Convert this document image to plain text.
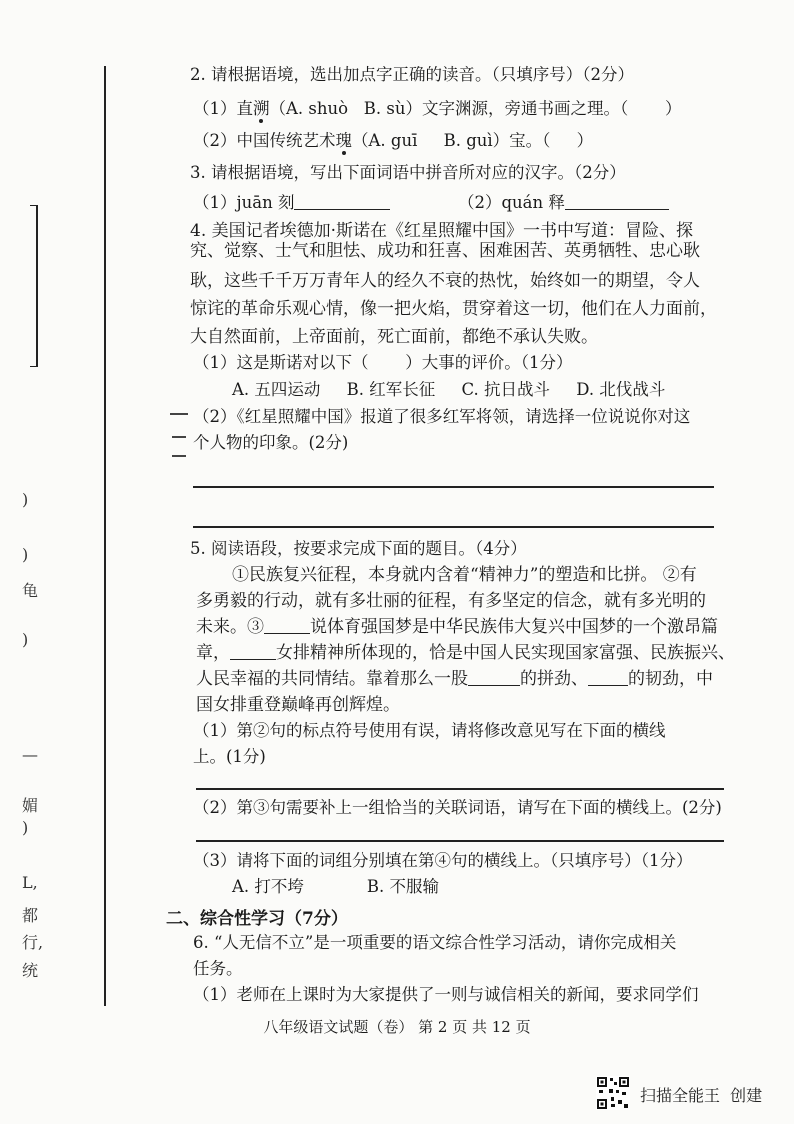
)
)
龟
)
—
媚
)
L,
都
行,
统
2. 请根据语境，选出加点字正确的读音。（只填序号）（2分）
（1）直溯（A. shuò   B. sù）文字渊源，旁通书画之理。（       ）
（2）中国传统艺术瑰（A. guī     B. guì）宝。（     ）
3. 请根据语境，写出下面词语中拼音所对应的汉字。（2分）
（1）juān 刻	（2）quán 释
4. 美国记者埃德加·斯诺在《红星照耀中国》一书中写道：冒险、探
究、觉察、士气和胆怯、成功和狂喜、困难困苦、英勇牺牲、忠心耿
耿，这些千千万万青年人的经久不衰的热忱，始终如一的期望，令人
惊诧的革命乐观心情，像一把火焰，贯穿着这一切，他们在人力面前，
大自然面前，上帝面前，死亡面前，都绝不承认失败。
（1）这是斯诺对以下（       ）大事的评价。（1分）
A. 五四运动     B. 红军长征     C. 抗日战斗     D. 北伐战斗
（2）《红星照耀中国》报道了很多红军将领，请选择一位说说你对这
个人物的印象。(2分)
5. 阅读语段，按要求完成下面的题目。（4分）
①民族复兴征程，本身就内含着“精神力”的塑造和比拼。 ②有
多勇毅的行动，就有多壮丽的征程，有多坚定的信念，就有多光明的
未来。③	说体育强国梦是中华民族伟大复兴中国梦的一个激昂篇
章，	女排精神所体现的，恰是中国人民实现国家富强、民族振兴、
人民幸福的共同情结。靠着那么一股	的拼劲、 的韧劲，中
国女排重登巅峰再创辉煌。
（1）第②句的标点符号使用有误，请将修改意见写在下面的横线
上。(1分)
（2）第③句需要补上一组恰当的关联词语，请写在下面的横线上。(2分)
（3）请将下面的词组分别填在第④句的横线上。（只填序号）（1分）
A. 打不垮            B. 不服输
二、综合性学习（7分）
6. “人无信不立”是一项重要的语文综合性学习活动，请你完成相关
任务。
（1）老师在上课时为大家提供了一则与诚信相关的新闻，要求同学们
八年级语文试题（卷） 第 2 页 共 12 页
扫描全能王  创建
